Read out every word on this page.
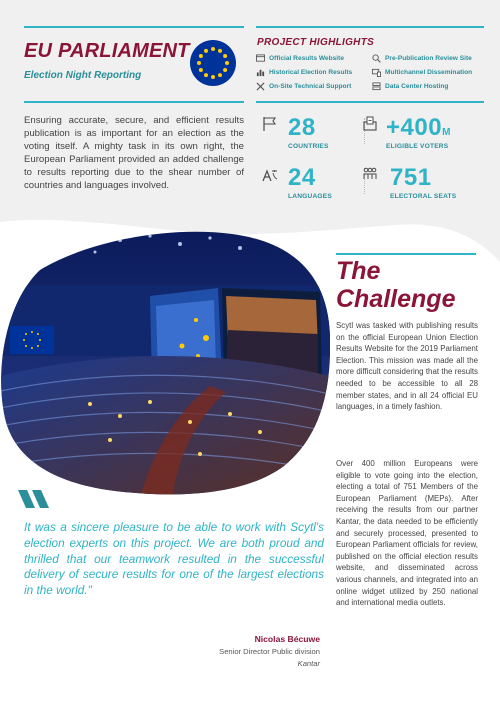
EU PARLIAMENT
Election Night Reporting
PROJECT HIGHLIGHTS
Official Results Website	Pre-Publication Review Site
Historical Election Results	Multichannel Dissemination
On-Site Technical Support	Data Center Hosting

Ensuring accurate, secure, and efficient results publication is as important for an election as the voting itself. A mighty task in its own right, the European Parliament provided an added challenge to results reporting due to the shear number of countries and languages involved.

28
COUNTRIES
+400M
ELIGIBLE VOTERS
24
LANGUAGES
751
ELECTORAL SEATS
The
Challenge

Scytl was tasked with publishing results on the official European Union Election Results Website for the 2019 Parliament Election. This mission was made all the more difficult considering that the results needed to be accessible to all 28 member states, and in all 24 official EU languages, in a timely fashion.

Over 400 million Europeans were eligible to vote going into the election, electing a total of 751 Members of the European Parliament (MEPs). After receiving the results from our partner Kantar, the data needed to be efficiently and securely processed, presented to European Parliament officials for review, published on the official election results website, and disseminated across various channels, and integrated into an online widget utilized by 250 national and international media outlets.

It was a sincere pleasure to be able to work with Scytl's election experts on this project. We are both proud and thrilled that our teamwork resulted in the successful delivery of secure results for one of the largest elections in the world."

Nicolas Bécuwe
Senior Director Public division
Kantar
